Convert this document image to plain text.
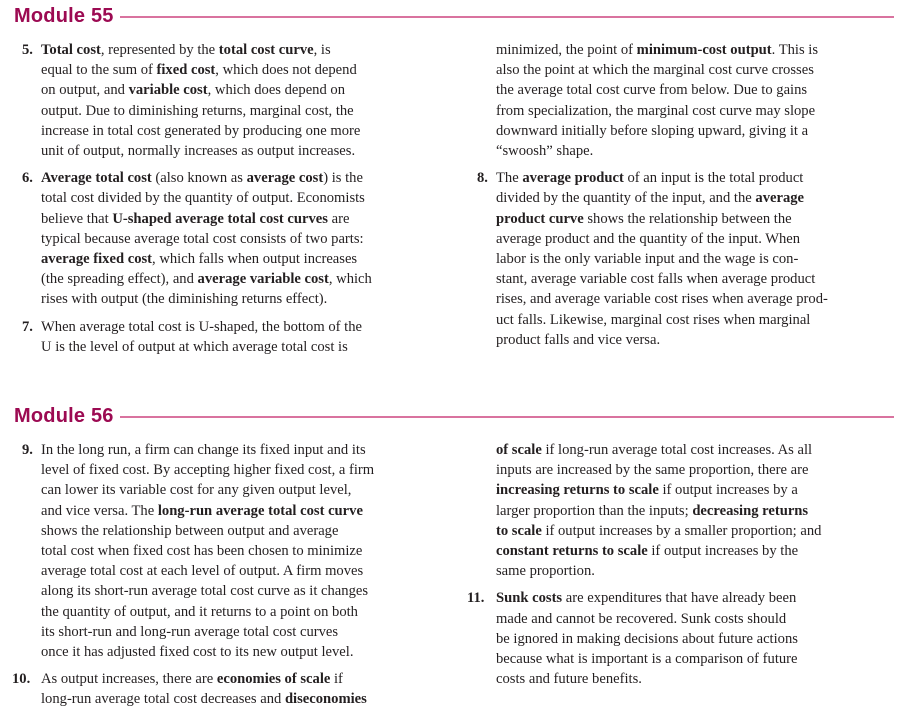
Module 55
5. Total cost, represented by the total cost curve, is
equal to the sum of fixed cost, which does not depend
on output, and variable cost, which does depend on
output. Due to diminishing returns, marginal cost, the
increase in total cost generated by producing one more
unit of output, normally increases as output increases.
6. Average total cost (also known as average cost) is the
total cost divided by the quantity of output. Economists
believe that U-shaped average total cost curves are
typical because average total cost consists of two parts:
average fixed cost, which falls when output increases
(the spreading effect), and average variable cost, which
rises with output (the diminishing returns effect).
7. When average total cost is U-shaped, the bottom of the
U is the level of output at which average total cost is
minimized, the point of minimum-cost output. This is
also the point at which the marginal cost curve crosses
the average total cost curve from below. Due to gains
from specialization, the marginal cost curve may slope
downward initially before sloping upward, giving it a
“swoosh” shape.
8. The average product of an input is the total product
divided by the quantity of the input, and the average
product curve shows the relationship between the
average product and the quantity of the input. When
labor is the only variable input and the wage is con-
stant, average variable cost falls when average product
rises, and average variable cost rises when average prod-
uct falls. Likewise, marginal cost rises when marginal
product falls and vice versa.
Module 56
9. In the long run, a firm can change its fixed input and its
level of fixed cost. By accepting higher fixed cost, a firm
can lower its variable cost for any given output level,
and vice versa. The long-run average total cost curve
shows the relationship between output and average
total cost when fixed cost has been chosen to minimize
average total cost at each level of output. A firm moves
along its short-run average total cost curve as it changes
the quantity of output, and it returns to a point on both
its short-run and long-run average total cost curves
once it has adjusted fixed cost to its new output level.
10. As output increases, there are economies of scale if
long-run average total cost decreases and diseconomies
of scale if long-run average total cost increases. As all
inputs are increased by the same proportion, there are
increasing returns to scale if output increases by a
larger proportion than the inputs; decreasing returns
to scale if output increases by a smaller proportion; and
constant returns to scale if output increases by the
same proportion.
11. Sunk costs are expenditures that have already been
made and cannot be recovered. Sunk costs should
be ignored in making decisions about future actions
because what is important is a comparison of future
costs and future benefits.
